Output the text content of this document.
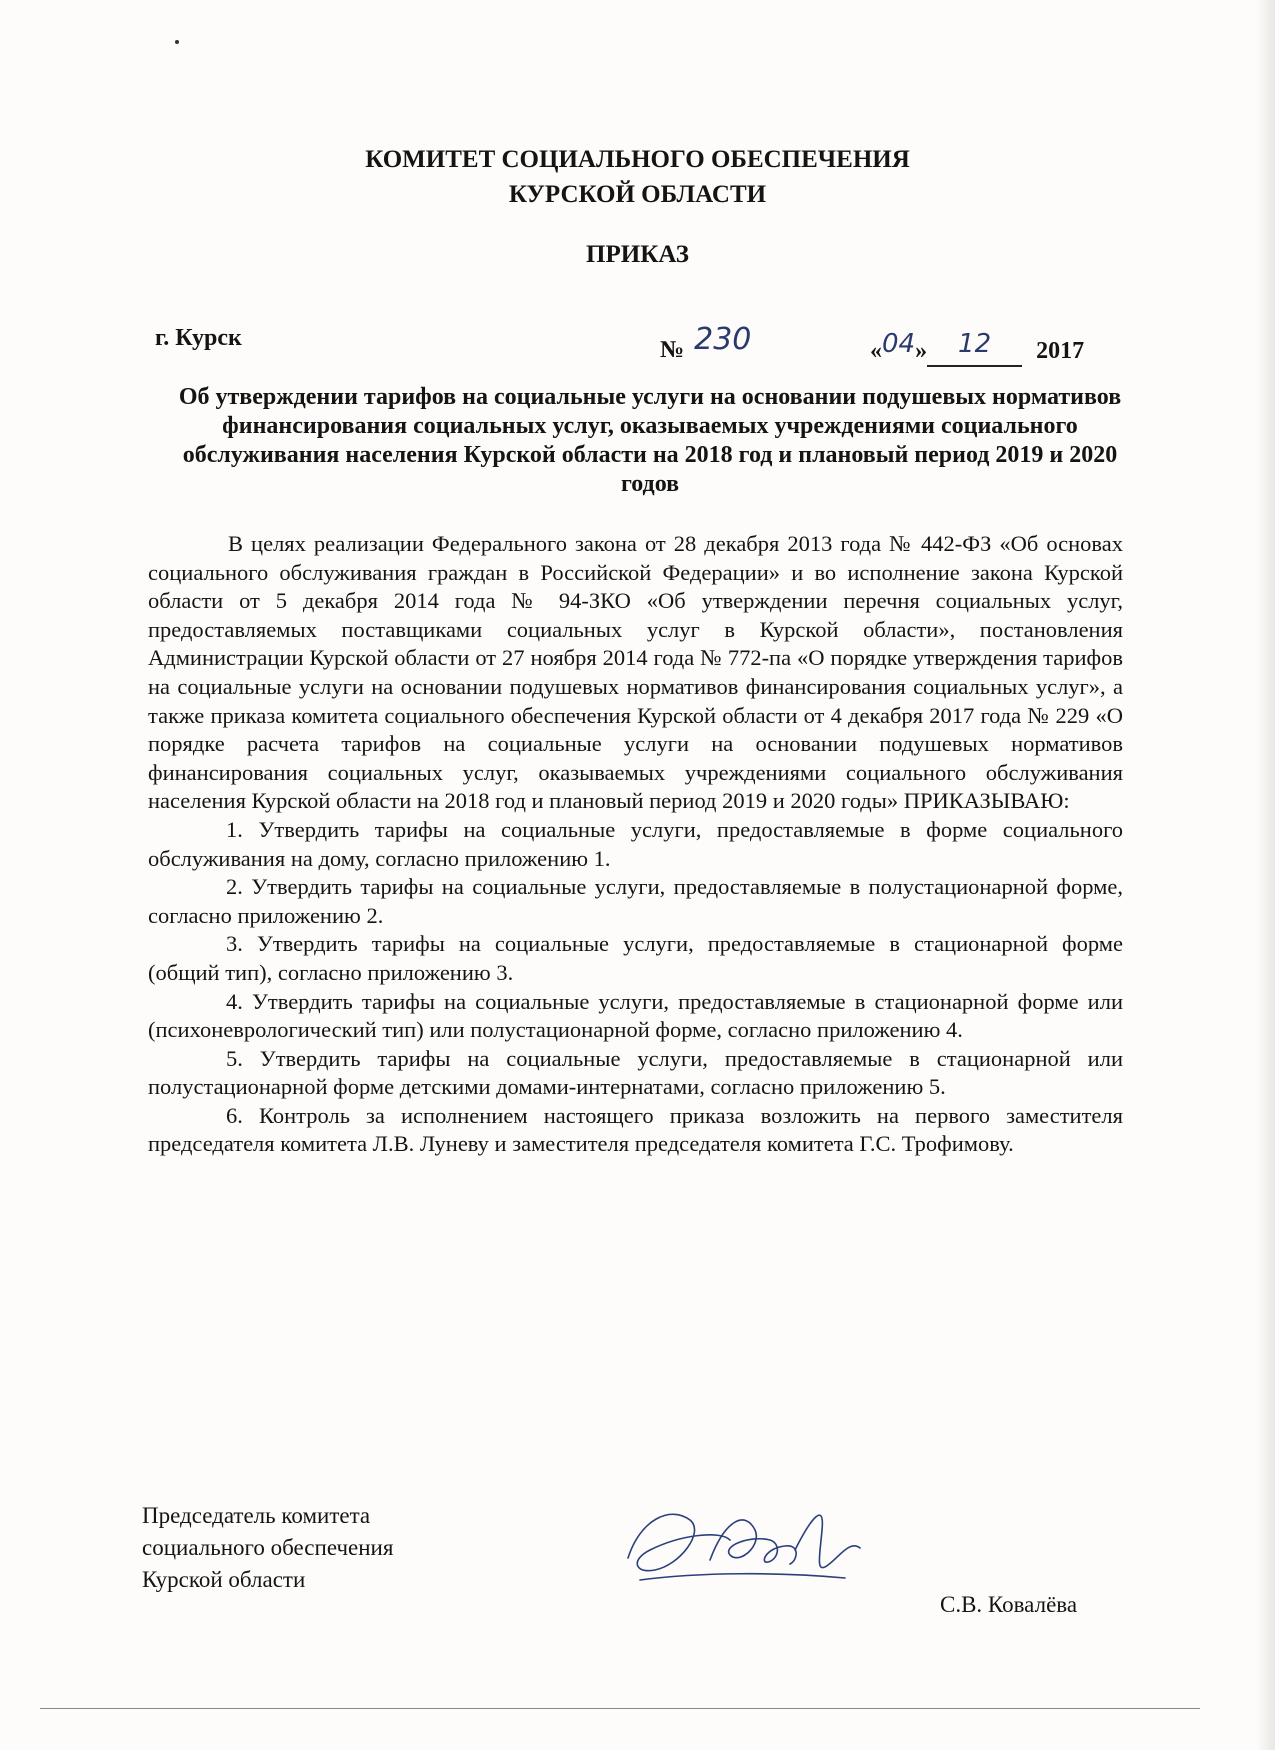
КОМИТЕТ СОЦИАЛЬНОГО ОБЕСПЕЧЕНИЯ
КУРСКОЙ ОБЛАСТИ
ПРИКАЗ
г. Курск	№ 230	«04» 12 2017
Об утверждении тарифов на социальные услуги на основании подушевых нормативов финансирования социальных услуг, оказываемых учреждениями социального обслуживания населения Курской области на 2018 год и плановый период 2019 и 2020 годов

В целях реализации Федерального закона от 28 декабря 2013 года № 442-ФЗ «Об основах социального обслуживания граждан в Российской Федерации» и во исполнение закона Курской области от 5 декабря 2014 года № 94-ЗКО «Об утверждении перечня социальных услуг, предоставляемых поставщиками социальных услуг в Курской области», постановления Администрации Курской области от 27 ноября 2014 года № 772-па «О порядке утверждения тарифов на социальные услуги на основании подушевых нормативов финансирования социальных услуг», а также приказа комитета социального обеспечения Курской области от 4 декабря 2017 года № 229 «О порядке расчета тарифов на социальные услуги на основании подушевых нормативов финансирования социальных услуг, оказываемых учреждениями социального обслуживания населения Курской области на 2018 год и плановый период 2019 и 2020 годы» ПРИКАЗЫВАЮ:

1. Утвердить тарифы на социальные услуги, предоставляемые в форме социального обслуживания на дому, согласно приложению 1.
2. Утвердить тарифы на социальные услуги, предоставляемые в полустационарной форме, согласно приложению 2.
3. Утвердить тарифы на социальные услуги, предоставляемые в стационарной форме (общий тип), согласно приложению 3.
4. Утвердить тарифы на социальные услуги, предоставляемые в стационарной форме или (психоневрологический тип) или полустационарной форме, согласно приложению 4.
5. Утвердить тарифы на социальные услуги, предоставляемые в стационарной или полустационарной форме детскими домами-интернатами, согласно приложению 5.
6. Контроль за исполнением настоящего приказа возложить на первого заместителя председателя комитета Л.В. Луневу и заместителя председателя комитета Г.С. Трофимову.
Председатель комитета
социального обеспечения
Курской области
С.В. Ковалёва
